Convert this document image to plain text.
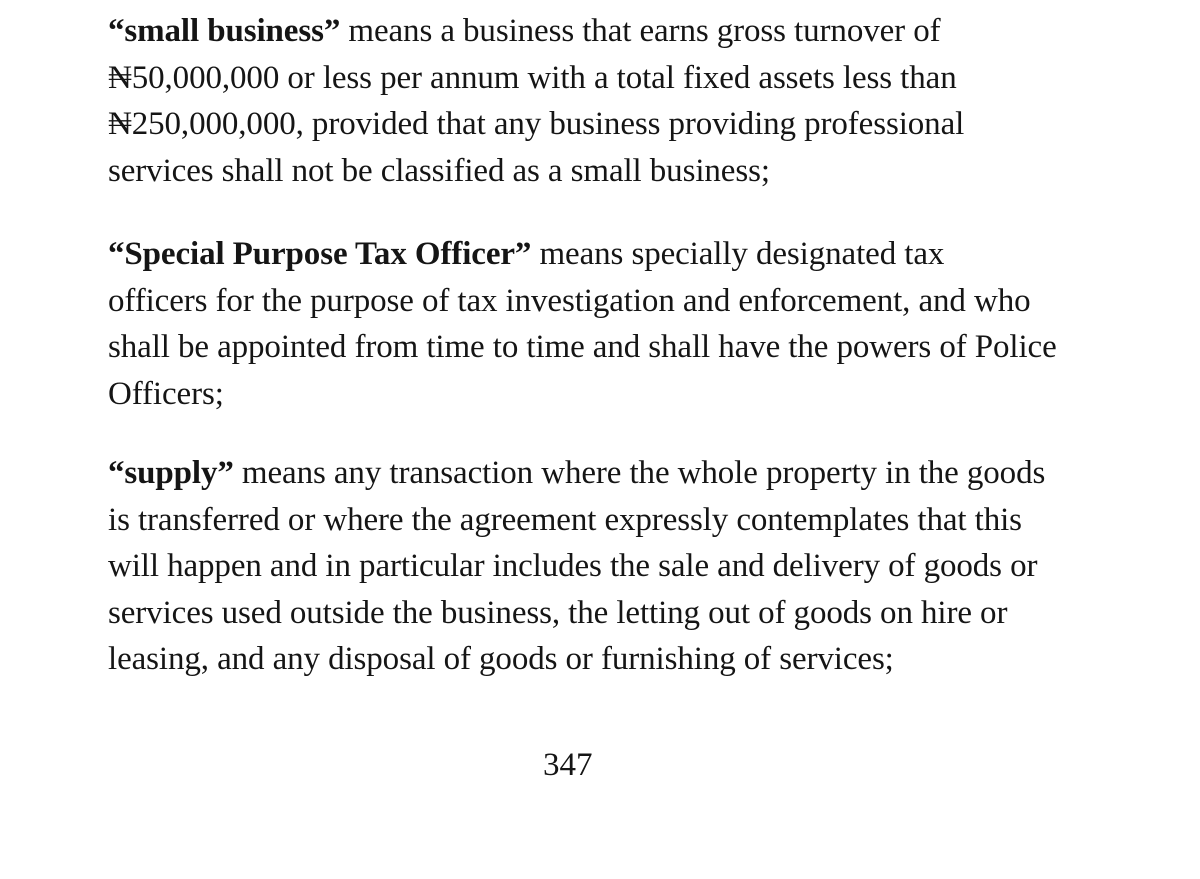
“small business” means a business that earns gross turnover of
₦50,000,000 or less per annum with a total fixed assets less than
₦250,000,000, provided that any business providing professional
services shall not be classified as a small business;

“Special Purpose Tax Officer” means specially designated tax
officers for the purpose of tax investigation and enforcement, and who
shall be appointed from time to time and shall have the powers of Police
Officers;

“supply” means any transaction where the whole property in the goods
is transferred or where the agreement expressly contemplates that this
will happen and in particular includes the sale and delivery of goods or
services used outside the business, the letting out of goods on hire or
leasing, and any disposal of goods or furnishing of services;

347
